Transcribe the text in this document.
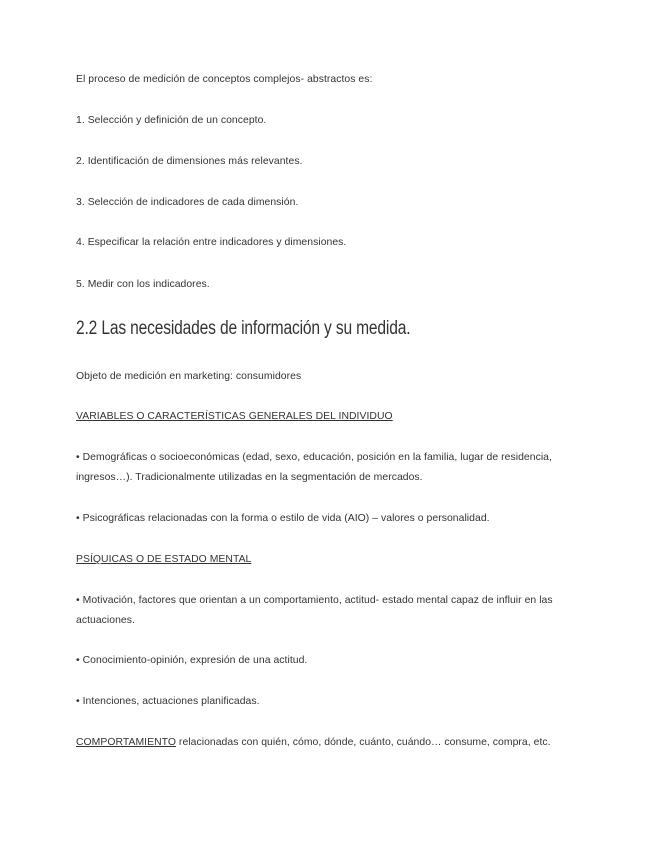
El proceso de medición de conceptos complejos- abstractos es:

1. Selección y definición de un concepto.

2. Identificación de dimensiones más relevantes.

3. Selección de indicadores de cada dimensión.

4. Especificar la relación entre indicadores y dimensiones.

5. Medir con los indicadores.

2.2 Las necesidades de información y su medida.

Objeto de medición en marketing: consumidores

VARIABLES O CARACTERÍSTICAS GENERALES DEL INDIVIDUO

• Demográficas o socioeconómicas (edad, sexo, educación, posición en la familia, lugar de residencia, ingresos…). Tradicionalmente utilizadas en la segmentación de mercados.

• Psicográficas relacionadas con la forma o estilo de vida (AIO) – valores o personalidad.

PSÍQUICAS O DE ESTADO MENTAL

• Motivación, factores que orientan a un comportamiento, actitud- estado mental capaz de influir en las actuaciones.

• Conocimiento-opinión, expresión de una actitud.

• Intenciones, actuaciones planificadas.

COMPORTAMIENTO relacionadas con quién, cómo, dónde, cuánto, cuándo… consume, compra, etc.
